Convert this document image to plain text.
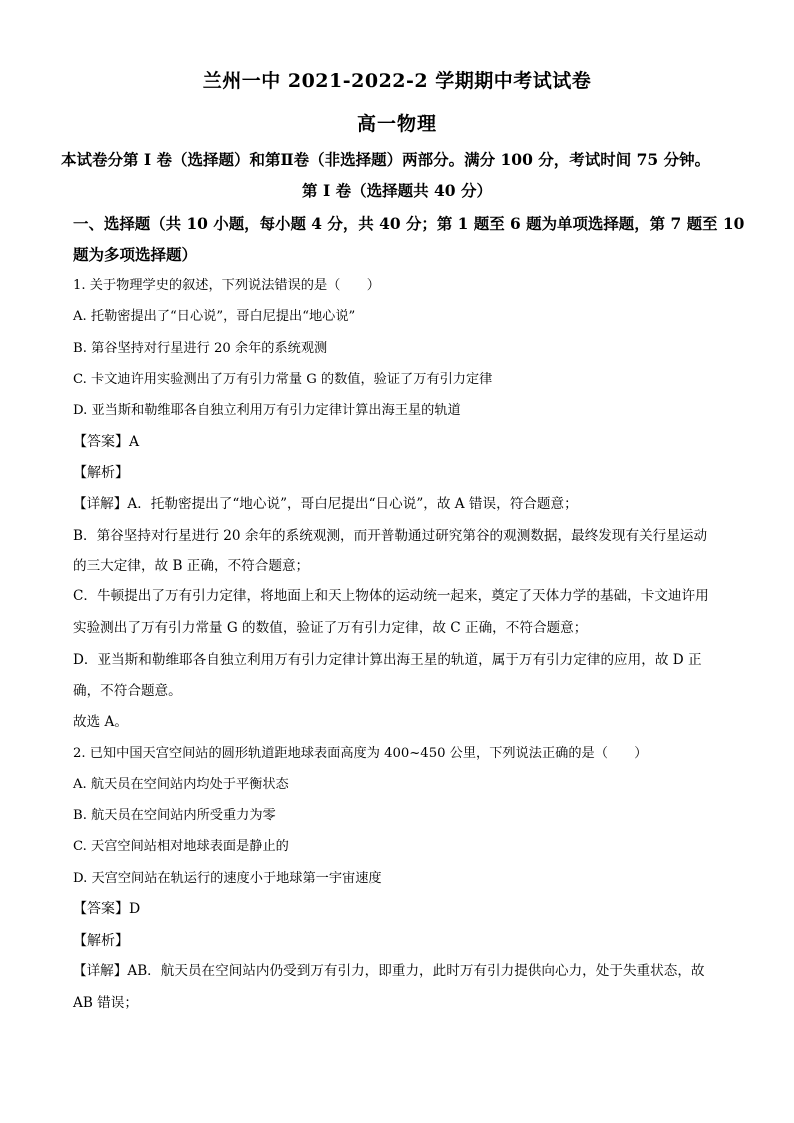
兰州一中 2021-2022-2 学期期中考试试卷
高一物理
本试卷分第 I 卷（选择题）和第Ⅱ卷（非选择题）两部分。满分 100 分，考试时间 75 分钟。
第 I 卷（选择题共 40 分）
一、选择题（共 10 小题，每小题 4 分，共 40 分；第 1 题至 6 题为单项选择题，第 7 题至 10
题为多项选择题）
1. 关于物理学史的叙述，下列说法错误的是（　　）
A. 托勒密提出了“日心说”，哥白尼提出“地心说”
B. 第谷坚持对行星进行 20 余年的系统观测
C. 卡文迪许用实验测出了万有引力常量 G 的数值，验证了万有引力定律
D. 亚当斯和勒维耶各自独立利用万有引力定律计算出海王星的轨道
【答案】A
【解析】
【详解】A．托勒密提出了“地心说”，哥白尼提出“日心说”，故 A 错误，符合题意；
B．第谷坚持对行星进行 20 余年的系统观测，而开普勒通过研究第谷的观测数据，最终发现有关行星运动
的三大定律，故 B 正确，不符合题意；
C．牛顿提出了万有引力定律，将地面上和天上物体的运动统一起来，奠定了天体力学的基础，卡文迪许用
实验测出了万有引力常量 G 的数值，验证了万有引力定律，故 C 正确，不符合题意；
D．亚当斯和勒维耶各自独立利用万有引力定律计算出海王星的轨道，属于万有引力定律的应用，故 D 正
确，不符合题意。
故选 A。
2. 已知中国天宫空间站的圆形轨道距地球表面高度为 400~450 公里，下列说法正确的是（　　）
A. 航天员在空间站内均处于平衡状态
B. 航天员在空间站内所受重力为零
C. 天宫空间站相对地球表面是静止的
D. 天宫空间站在轨运行的速度小于地球第一宇宙速度
【答案】D
【解析】
【详解】AB．航天员在空间站内仍受到万有引力，即重力，此时万有引力提供向心力，处于失重状态，故
AB 错误；
